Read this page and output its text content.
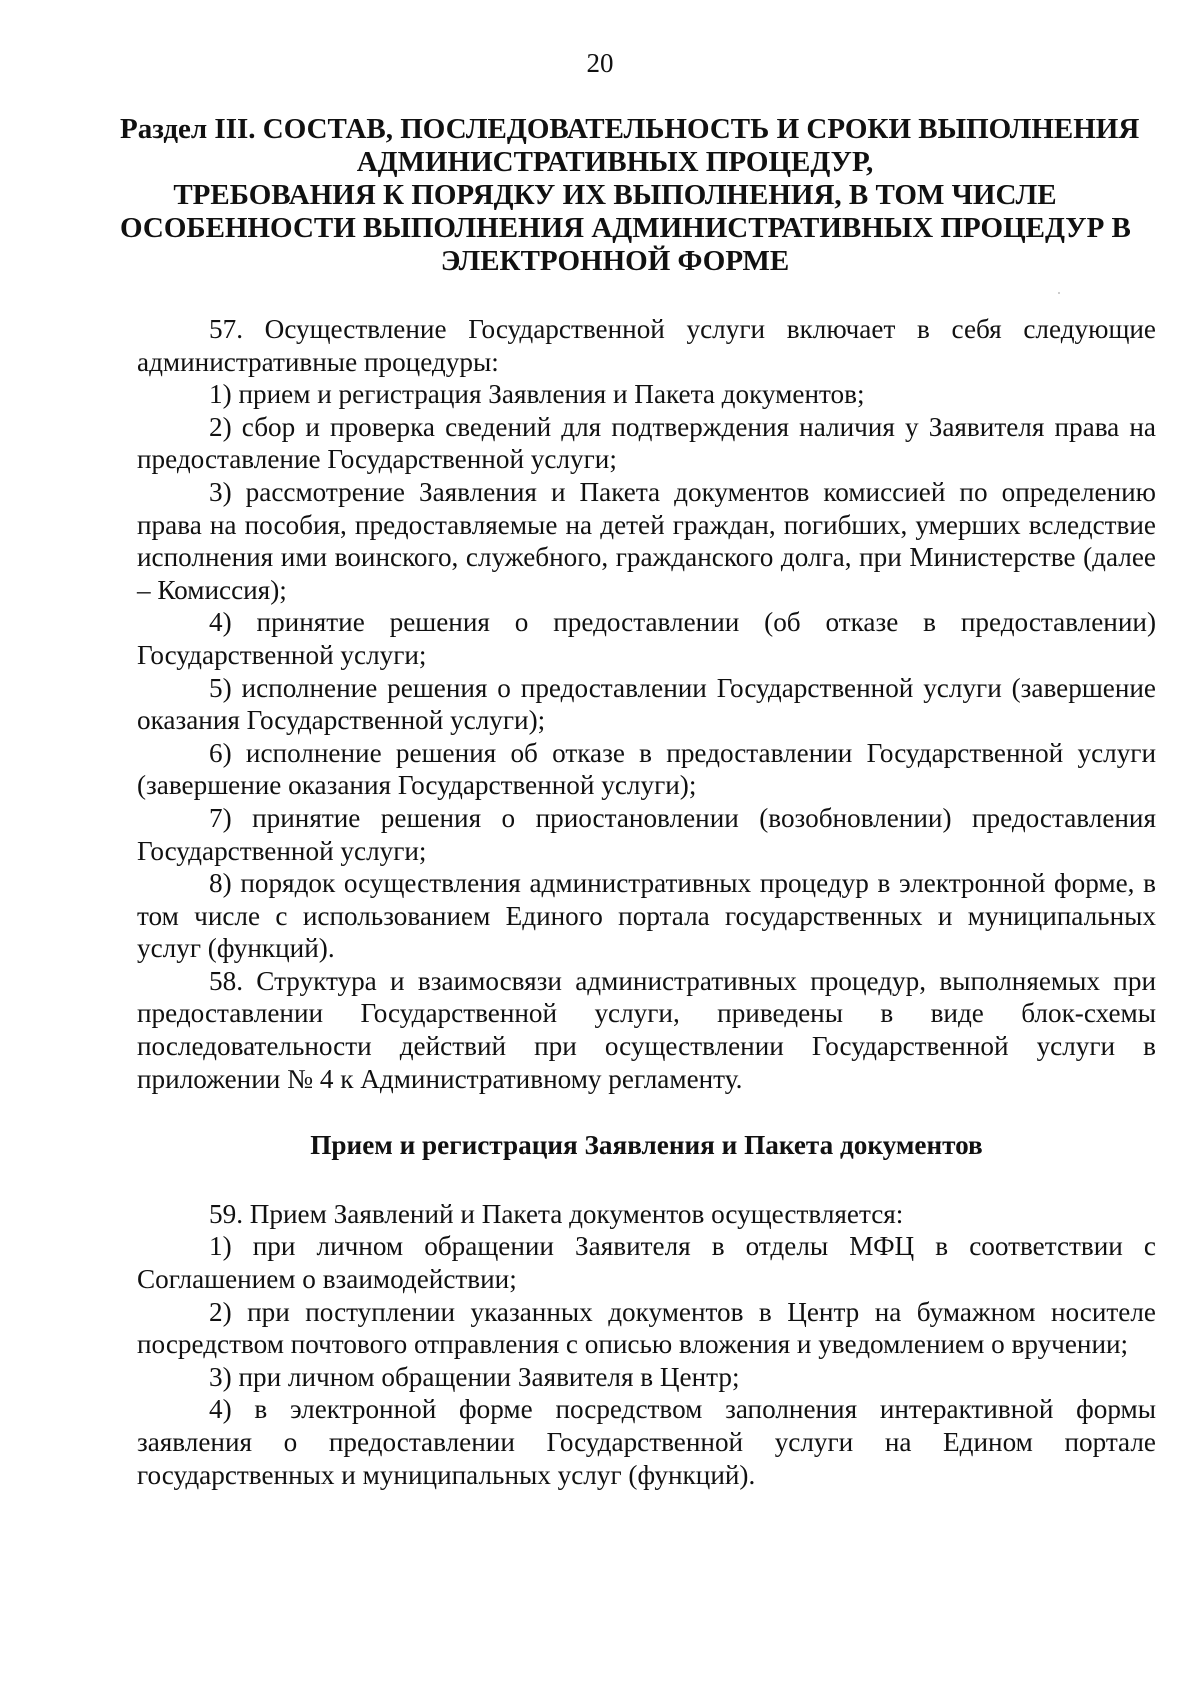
20
Раздел III. СОСТАВ, ПОСЛЕДОВАТЕЛЬНОСТЬ И СРОКИ ВЫПОЛНЕНИЯ
АДМИНИСТРАТИВНЫХ ПРОЦЕДУР,
ТРЕБОВАНИЯ К ПОРЯДКУ ИХ ВЫПОЛНЕНИЯ, В ТОМ ЧИСЛЕ
ОСОБЕННОСТИ ВЫПОЛНЕНИЯ АДМИНИСТРАТИВНЫХ ПРОЦЕДУР В
ЭЛЕКТРОННОЙ ФОРМЕ

57. Осуществление Государственной услуги включает в себя следующие административные процедуры:

1) прием и регистрация Заявления и Пакета документов;

2) сбор и проверка сведений для подтверждения наличия у Заявителя права на предоставление Государственной услуги;

3) рассмотрение Заявления и Пакета документов комиссией по определению права на пособия, предоставляемые на детей граждан, погибших, умерших вследствие исполнения ими воинского, служебного, гражданского долга, при Министерстве (далее – Комиссия);

4) принятие решения о предоставлении (об отказе в предоставлении) Государственной услуги;

5) исполнение решения о предоставлении Государственной услуги (завершение оказания Государственной услуги);

6) исполнение решения об отказе в предоставлении Государственной услуги (завершение оказания Государственной услуги);

7) принятие решения о приостановлении (возобновлении) предоставления Государственной услуги;

8) порядок осуществления административных процедур в электронной форме, в том числе с использованием Единого портала государственных и муниципальных услуг (функций).

58. Структура и взаимосвязи административных процедур, выполняемых при предоставлении Государственной услуги, приведены в виде блок-схемы последовательности действий при осуществлении Государственной услуги в приложении № 4 к Административному регламенту.

Прием и регистрация Заявления и Пакета документов

59. Прием Заявлений и Пакета документов осуществляется:

1) при личном обращении Заявителя в отделы МФЦ в соответствии с Соглашением о взаимодействии;

2) при поступлении указанных документов в Центр на бумажном носителе посредством почтового отправления с описью вложения и уведомлением о вручении;

3) при личном обращении Заявителя в Центр;

4) в электронной форме посредством заполнения интерактивной формы заявления о предоставлении Государственной услуги на Едином портале государственных и муниципальных услуг (функций).
